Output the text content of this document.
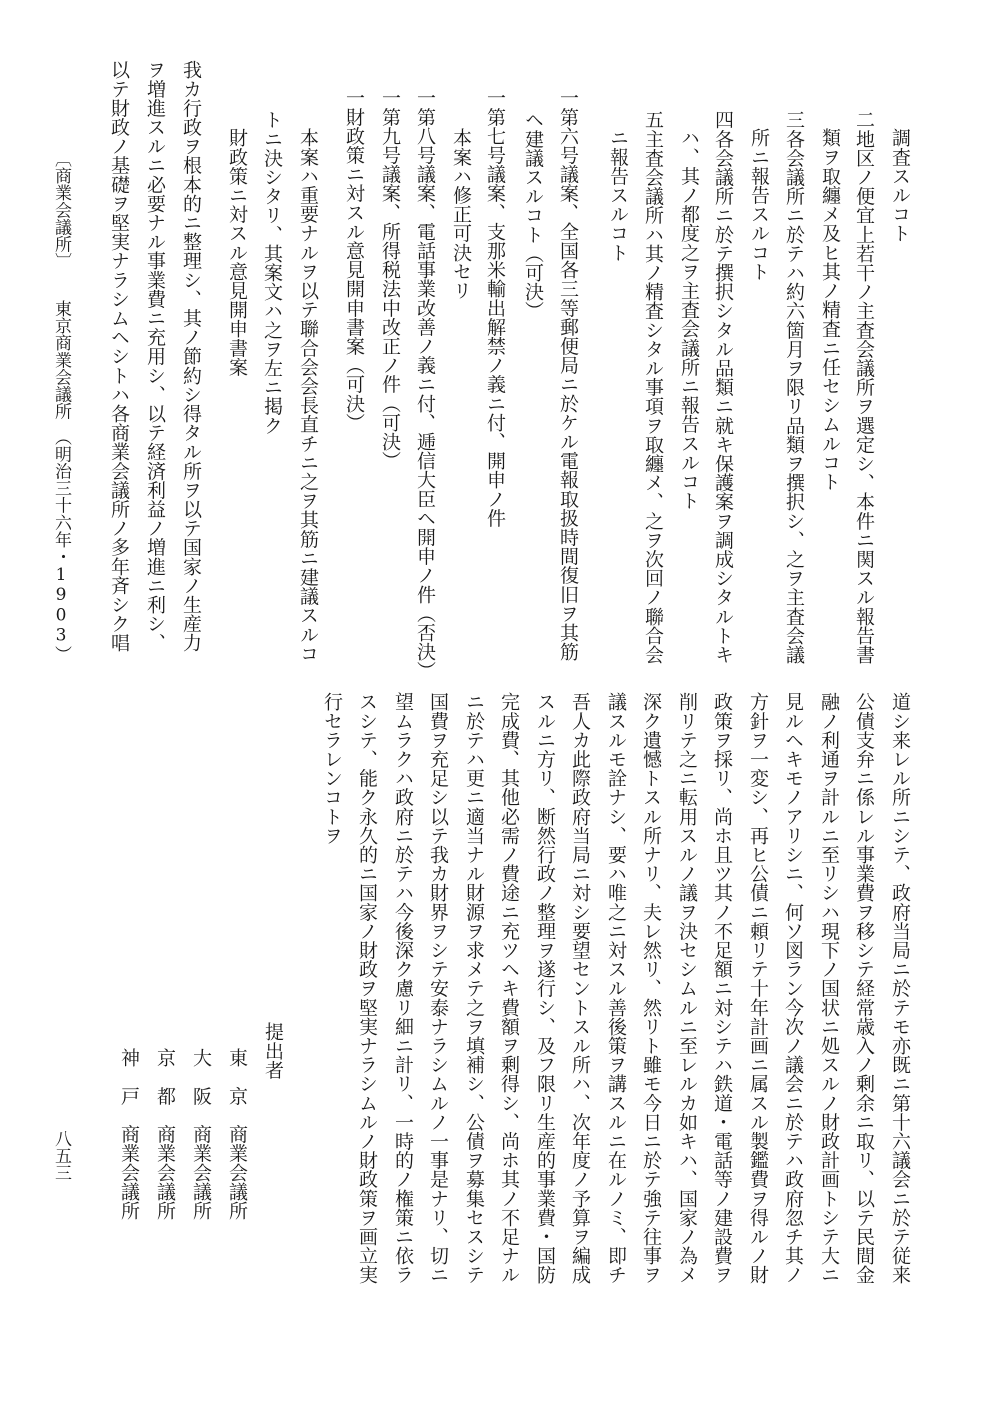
調査スルコト
二地区ノ便宜上若干ノ主査会議所ヲ選定シ、本件ニ関スル報告書
類ヲ取纏メ及ヒ其ノ精査ニ任セシムルコト
三各会議所ニ於テハ約六箇月ヲ限リ品類ヲ撰択シ、之ヲ主査会議
所ニ報告スルコト
四各会議所ニ於テ撰択シタル品類ニ就キ保護案ヲ調成シタルトキ
ハ、其ノ都度之ヲ主査会議所ニ報告スルコト
五主査会議所ハ其ノ精査シタル事項ヲ取纏メ、之ヲ次回ノ聯合会
ニ報告スルコト
一第六号議案、全国各三等郵便局ニ於ケル電報取扱時間復旧ヲ其筋
ヘ建議スルコト（可決）
一第七号議案、支那米輸出解禁ノ義ニ付、開申ノ件
本案ハ修正可決セリ
一第八号議案、電話事業改善ノ義ニ付、逓信大臣ヘ開申ノ件（否決）
一第九号議案、所得税法中改正ノ件（可決）
一財政策ニ対スル意見開申書案（可決）
本案ハ重要ナルヲ以テ聯合会会長直チニ之ヲ其筋ニ建議スルコ
トニ決シタリ、其案文ハ之ヲ左ニ掲ク
財政策ニ対スル意見開申書案
我カ行政ヲ根本的ニ整理シ、其ノ節約シ得タル所ヲ以テ国家ノ生産力
ヲ増進スルニ必要ナル事業費ニ充用シ、以テ経済利益ノ増進ニ利シ、
以テ財政ノ基礎ヲ堅実ナラシムヘシトハ各商業会議所ノ多年斉シク唱
道シ来レル所ニシテ、政府当局ニ於テモ亦既ニ第十六議会ニ於テ従来
公債支弁ニ係レル事業費ヲ移シテ経常歳入ノ剰余ニ取リ、以テ民間金
融ノ利通ヲ計ルニ至リシハ現下ノ国状ニ処スルノ財政計画トシテ大ニ
見ルヘキモノアリシニ、何ソ図ラン今次ノ議会ニ於テハ政府忽チ其ノ
方針ヲ一変シ、再ヒ公債ニ頼リテ十年計画ニ属スル製鑑費ヲ得ルノ財
政策ヲ採リ、尚ホ且ツ其ノ不足額ニ対シテハ鉄道・電話等ノ建設費ヲ
削リテ之ニ転用スルノ議ヲ決セシムルニ至レルカ如キハ、国家ノ為メ
深ク遺憾トスル所ナリ、夫レ然リ、然リト雖モ今日ニ於テ強テ往事ヲ
議スルモ詮ナシ、要ハ唯之ニ対スル善後策ヲ講スルニ在ルノミ、即チ
吾人カ此際政府当局ニ対シ要望セントスル所ハ、次年度ノ予算ヲ編成
スルニ方リ、断然行政ノ整理ヲ遂行シ、及フ限リ生産的事業費・国防
完成費、其他必需ノ費途ニ充ツヘキ費額ヲ剰得シ、尚ホ其ノ不足ナル
ニ於テハ更ニ適当ナル財源ヲ求メテ之ヲ填補シ、公債ヲ募集セスシテ
国費ヲ充足シ以テ我カ財界ヲシテ安泰ナラシムルノ一事是ナリ、切ニ
望ムラクハ政府ニ於テハ今後深ク慮リ細ニ計リ、一時的ノ権策ニ依ラ
スシテ、能ク永久的ニ国家ノ財政ヲ堅実ナラシムルノ財政策ヲ画立実
行セラレンコトヲ
提出者
東　京　商業会議所
大　阪　商業会議所
京　都　商業会議所
神　戸　商業会議所
〔商業会議所〕
東京商業会議所　（明治三十六年・1903）
八五三
